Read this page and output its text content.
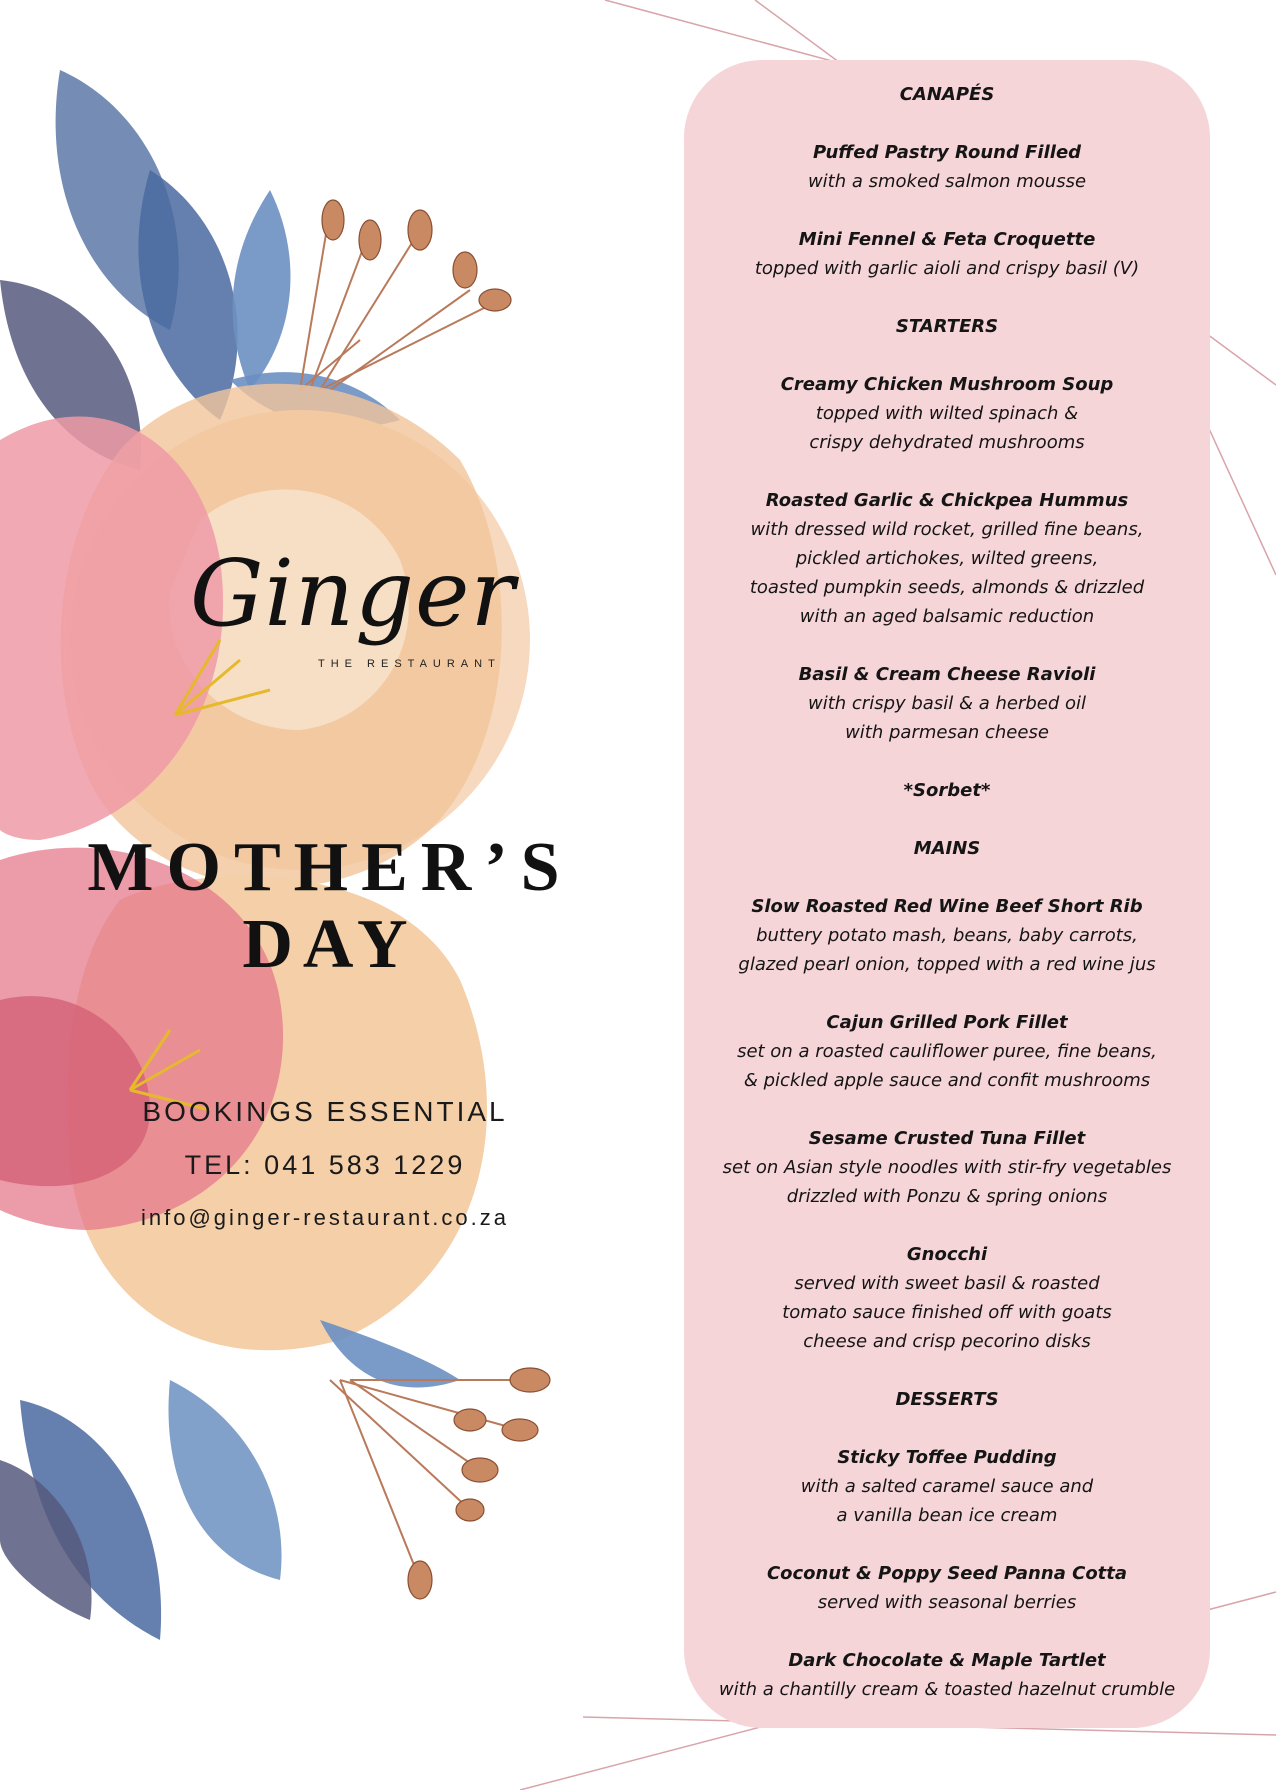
Ginger
THE RESTAURANT
MOTHER’S
DAY
BOOKINGS ESSENTIAL
TEL: 041 583 1229
info@ginger-restaurant.co.za
CANAPÉS
Puffed Pastry Round Filled
with a smoked salmon mousse
Mini Fennel & Feta Croquette
topped with garlic aioli and crispy basil (V)
STARTERS
Creamy Chicken Mushroom Soup
topped with wilted spinach &
crispy dehydrated mushrooms
Roasted Garlic & Chickpea Hummus
with dressed wild rocket, grilled fine beans,
pickled artichokes, wilted greens,
toasted pumpkin seeds, almonds & drizzled
with an aged balsamic reduction
Basil & Cream Cheese Ravioli
with crispy basil & a herbed oil
with parmesan cheese
*Sorbet*
MAINS
Slow Roasted Red Wine Beef Short Rib
buttery potato mash, beans, baby carrots,
glazed pearl onion, topped with a red wine jus
Cajun Grilled Pork Fillet
set on a roasted cauliflower puree, fine beans,
& pickled apple sauce and confit mushrooms
Sesame Crusted Tuna Fillet
set on Asian style noodles with stir-fry vegetables
drizzled with Ponzu & spring onions
Gnocchi
served with sweet basil & roasted
tomato sauce finished off with goats
cheese and crisp pecorino disks
DESSERTS
Sticky Toffee Pudding
with a salted caramel sauce and
a vanilla bean ice cream
Coconut & Poppy Seed Panna Cotta
served with seasonal berries
Dark Chocolate & Maple Tartlet
with a chantilly cream & toasted hazelnut crumble
